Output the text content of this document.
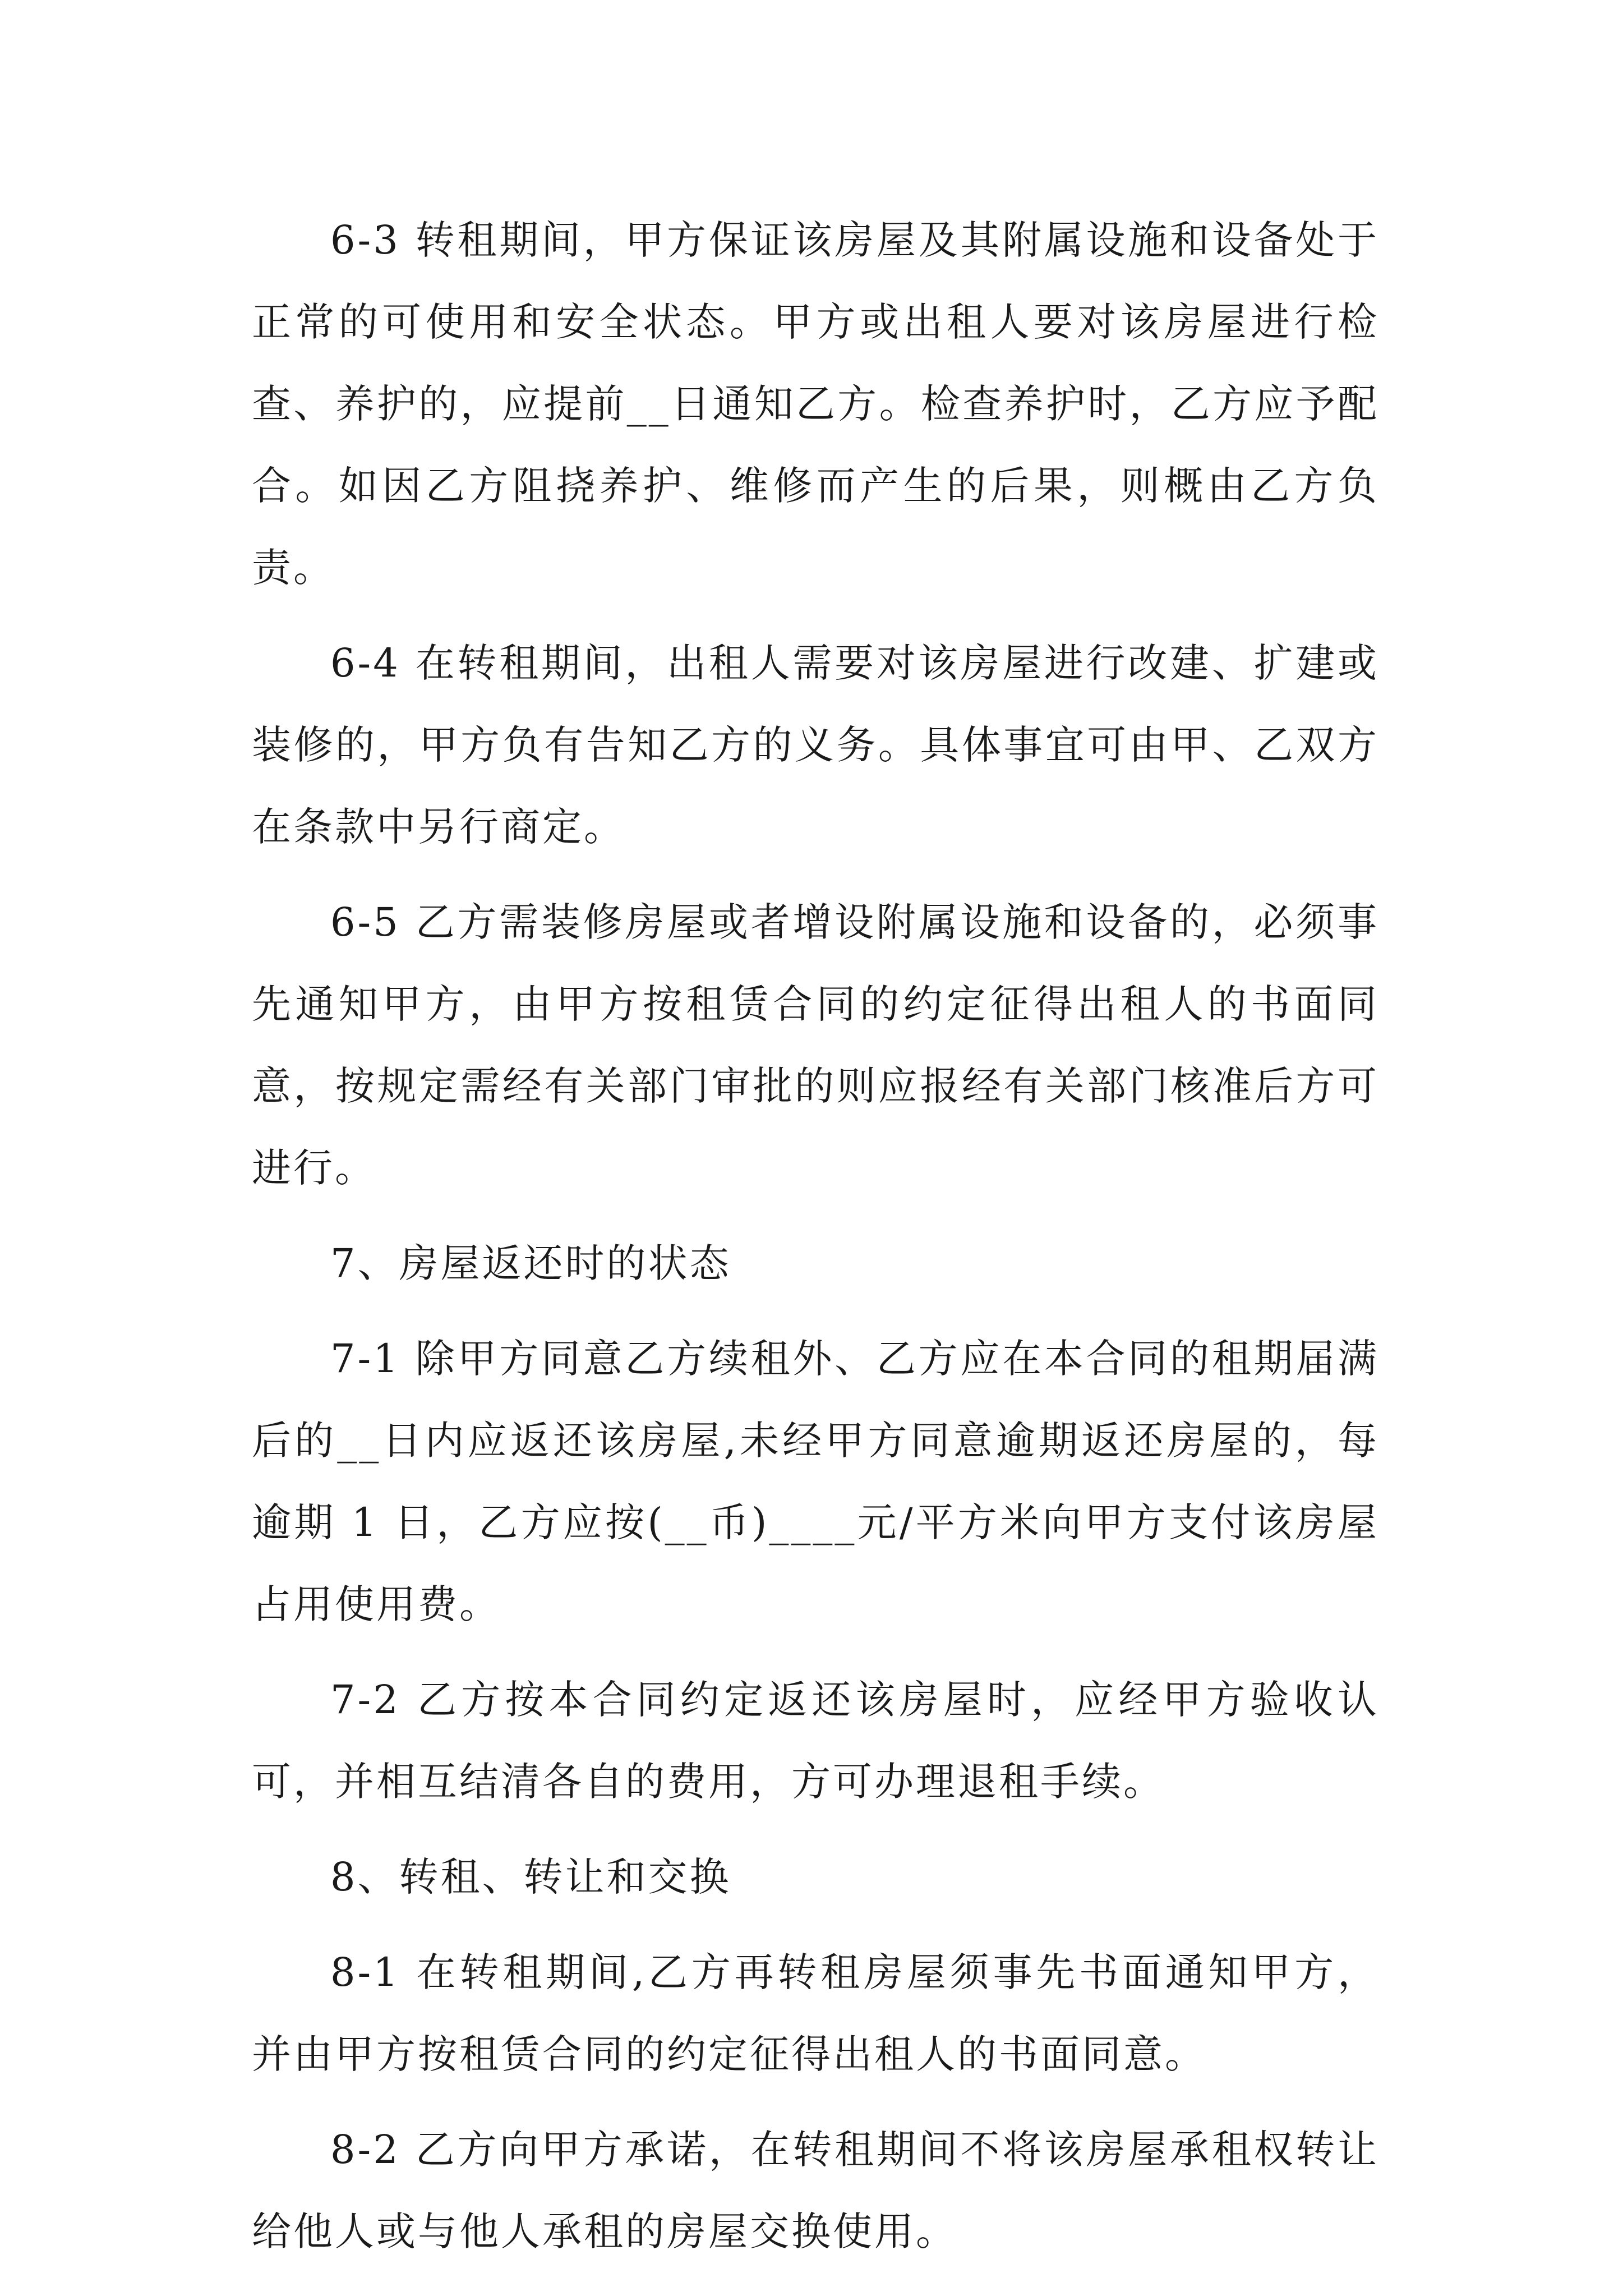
6-3 转租期间，甲方保证该房屋及其附属设施和设备处于正常的可使用和安全状态。甲方或出租人要对该房屋进行检查、养护的，应提前__日通知乙方。检查养护时，乙方应予配合。如因乙方阻挠养护、维修而产生的后果，则概由乙方负责。

6-4 在转租期间，出租人需要对该房屋进行改建、扩建或装修的，甲方负有告知乙方的义务。具体事宜可由甲、乙双方在条款中另行商定。

6-5 乙方需装修房屋或者增设附属设施和设备的，必须事先通知甲方，由甲方按租赁合同的约定征得出租人的书面同意，按规定需经有关部门审批的则应报经有关部门核准后方可进行。

7、房屋返还时的状态

7-1 除甲方同意乙方续租外、乙方应在本合同的租期届满后的__日内应返还该房屋,未经甲方同意逾期返还房屋的，每逾期 1 日，乙方应按(__币)____元/平方米向甲方支付该房屋占用使用费。

7-2 乙方按本合同约定返还该房屋时，应经甲方验收认可，并相互结清各自的费用，方可办理退租手续。

8、转租、转让和交换

8-1 在转租期间,乙方再转租房屋须事先书面通知甲方，并由甲方按租赁合同的约定征得出租人的书面同意。

8-2 乙方向甲方承诺，在转租期间不将该房屋承租权转让给他人或与他人承租的房屋交换使用。
